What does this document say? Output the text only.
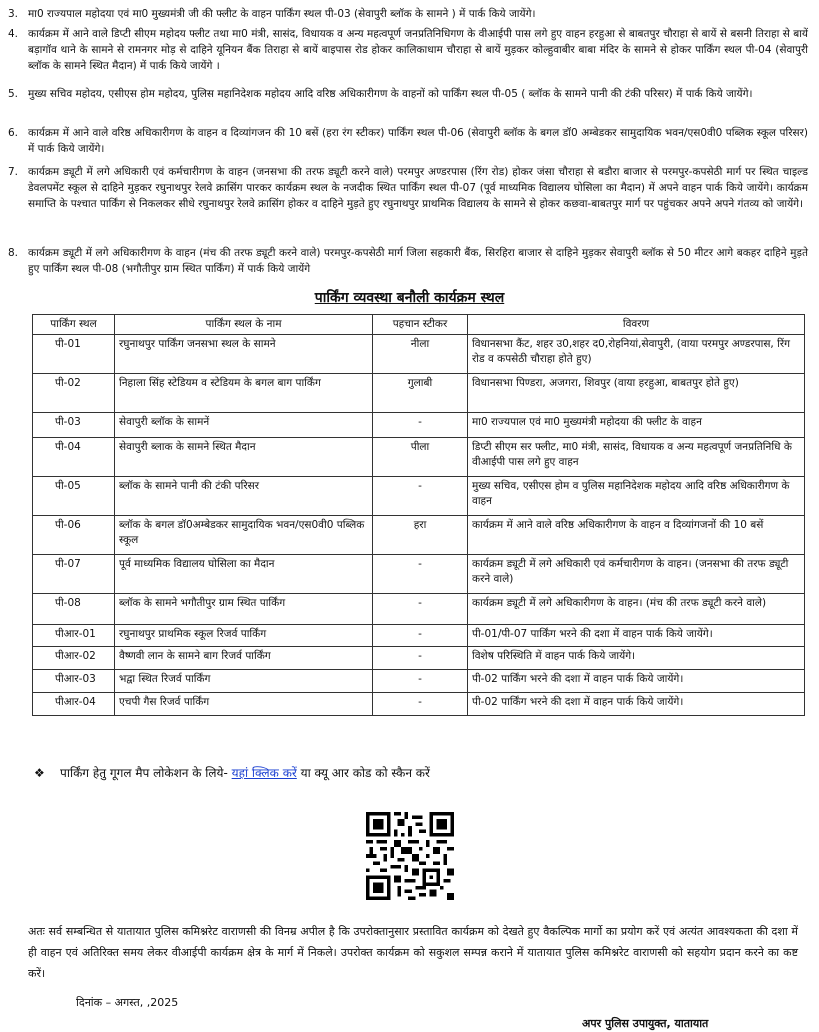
3. मा0 राज्यपाल महोदया एवं मा0 मुख्यमंत्री जी की फ्लीट के वाहन पार्किंग स्थल पी-03 (सेवापुरी ब्लॉक के सामने ) में पार्क किये जायेंगे।
4. कार्यक्रम में आने वाले डिप्टी सीएम महोदय फ्लीट तथा मा0 मंत्री, सासंद, विधायक व अन्य महत्वपूर्ण जनप्रतिनिधिगण के वीआईपी पास लगे हुए वाहन हरहुआ से बाबतपुर चौराहा से बायें से बसनी तिराहा से बायें बड़ागॉव थाने के सामने से रामनगर मोड़ से दाहिने यूनियन बैंक तिराहा से बायें बाइपास रोड होकर कालिकाधाम चौराहा से बायें मुड़कर कोल्हुवाबीर बाबा मंदिर के सामने से होकर पार्किंग स्थल पी-04 (सेवापुरी ब्लॉक के सामने स्थित मैदान) में पार्क किये जायेंगे ।
5. मुख्य सचिव महोदय, एसीएस होम महोदय, पुलिस महानिदेशक महोदय आदि वरिष्ठ अधिकारीगण के वाहनों को पार्किंग स्थल पी-05 ( ब्लॉक के सामने पानी की टंकी परिसर) में पार्क किये जायेंगे।
6. कार्यक्रम में आने वाले वरिष्ठ अधिकारीगण के वाहन व दिव्यांगजन की 10 बसें (हरा रंग स्टीकर) पार्किंग स्थल पी-06 (सेवापुरी ब्लॉक के बगल डॉ0 अम्बेडकर सामुदायिक भवन/एस0वी0 पब्लिक स्कूल परिसर) में पार्क किये जायेंगे।
7. कार्यक्रम ड्यूटी में लगे अधिकारी एवं कर्मचारीगण के वाहन (जनसभा की तरफ ड्यूटी करने वाले) परमपुर अण्डरपास (रिंग रोड) होकर जंसा चौराहा से बडौरा बाजार से परमपुर-कपसेठी मार्ग पर स्थित चाइल्ड डेवलपमेंट स्कूल से दाहिने मुड़कर रघुनाथपुर रेलवे क्रासिंग पारकर कार्यक्रम स्थल के नजदीक स्थित पार्किंग स्थल पी-07 (पूर्व माध्यमिक विद्यालय घोसिला का मैदान) में अपने वाहन पार्क किये जायेंगे। कार्यक्रम समाप्ति के पश्चात पार्किंग से निकलकर सीधे रघुनाथपुर रेलवे क्रासिंग होकर व दाहिने मुड़ते हुए रघुनाथपुर प्राथमिक विद्यालय के सामने से होकर कछवा-बाबतपुर मार्ग पर पहुंचकर अपने अपने गंतव्य को जायेंगे।
8. कार्यक्रम ड्यूटी में लगे अधिकारीगण के वाहन (मंच की तरफ ड्यूटी करने वाले) परमपुर-कपसेठी मार्ग जिला सहकारी बैंक, सिरहिरा बाजार से दाहिने मुड़कर सेवापुरी ब्लॉक से 50 मीटर आगे बकहर दाहिने मुड़ते हुए पार्किंग स्थल पी-08 (भगौतीपुर ग्राम स्थित पार्किंग) में पार्क किये जायेंगे
पार्किंग व्यवस्था बनौली कार्यक्रम स्थल
पार्किंग स्थल	पार्किंग स्थल के नाम	पहचान स्टीकर	विवरण
पी-01	रघुनाथपुर पार्किंग जनसभा स्थल के सामने	नीला	विधानसभा कैंट, शहर उ0,शहर द0,रोहनियां,सेवापुरी, (वाया परमपुर अण्डरपास, रिंग रोड व कपसेठी चौराहा होते हुए)
पी-02	निहाला सिंह स्टेडियम व स्टेडियम के बगल बाग पार्किंग	गुलाबी	विधानसभा पिण्डरा, अजगरा, शिवपुर (वाया हरहुआ, बाबतपुर होते हुए)
पी-03	सेवापुरी ब्लॉक के सामनें	-	मा0 राज्यपाल एवं मा0 मुख्यमंत्री महोदया की फ्लीट के वाहन
पी-04	सेवापुरी ब्लाक के सामने स्थित मैदान	पीला	डिप्टी सीएम सर फ्लीट, मा0 मंत्री, सासंद, विधायक व अन्य महत्वपूर्ण जनप्रतिनिधि के वीआईपी पास लगे हुए वाहन
पी-05	ब्लॉक के सामने पानी की टंकी परिसर	-	मुख्य सचिव, एसीएस होम व पुलिस महानिदेशक महोदय आदि वरिष्ठ अधिकारीगण के वाहन
पी-06	ब्लॉक के बगल डॉ0अम्बेडकर सामुदायिक भवन/एस0वी0 पब्लिक स्कूल	हरा	कार्यक्रम में आने वाले वरिष्ठ अधिकारीगण के वाहन व दिव्यांगजनों की 10 बसें
पी-07	पूर्व माध्यमिक विद्यालय घोसिला का मैदान	-	कार्यक्रम ड्यूटी में लगे अधिकारी एवं कर्मचारीगण के वाहन। (जनसभा की तरफ ड्यूटी करने वाले)
पी-08	ब्लॉक के सामने भगौतीपुर ग्राम स्थित पार्किंग	-	कार्यक्रम ड्यूटी में लगे अधिकारीगण के वाहन। (मंच की तरफ ड्यूटी करने वाले)
पीआर-01	रघुनाथपुर प्राथमिक स्कूल रिजर्व पार्किंग	-	पी-01/पी-07 पार्किंग भरने की दशा में वाहन पार्क किये जायेंगे।
पीआर-02	वैष्णवी लान के सामने बाग रिजर्व पार्किंग	-	विशेष परिस्थिति में वाहन पार्क किये जायेंगे।
पीआर-03	भद्वा स्थित रिजर्व पार्किंग	-	पी-02 पार्किंग भरने की दशा में वाहन पार्क किये जायेंगे।
पीआर-04	एचपी गैस रिजर्व पार्किंग	-	पी-02 पार्किंग भरने की दशा में वाहन पार्क किये जायेंगे।
❖ पार्किंग हेतु गूगल मैप लोकेशन के लिये- यहां क्लिक करें या क्यू आर कोड को स्कैन करें
अतः सर्व सम्बन्धित से यातायात पुलिस कमिश्नरेट वाराणसी की विनम्र अपील है कि उपरोक्तानुसार प्रस्तावित कार्यक्रम को देखते हुए वैकल्पिक मार्गो का प्रयोग करें एवं अत्यंत आवश्यकता की दशा में ही वाहन एवं अतिरिक्त समय लेकर वीआईपी कार्यक्रम क्षेत्र के मार्ग में निकले। उपरोक्त कार्यक्रम को सकुशल सम्पन्न कराने में यातायात पुलिस कमिश्नरेट वाराणसी को सहयोग प्रदान करने का कष्ट करें।
दिनांक – अगस्त, ,2025
अपर पुलिस उपायुक्त, यातायात
